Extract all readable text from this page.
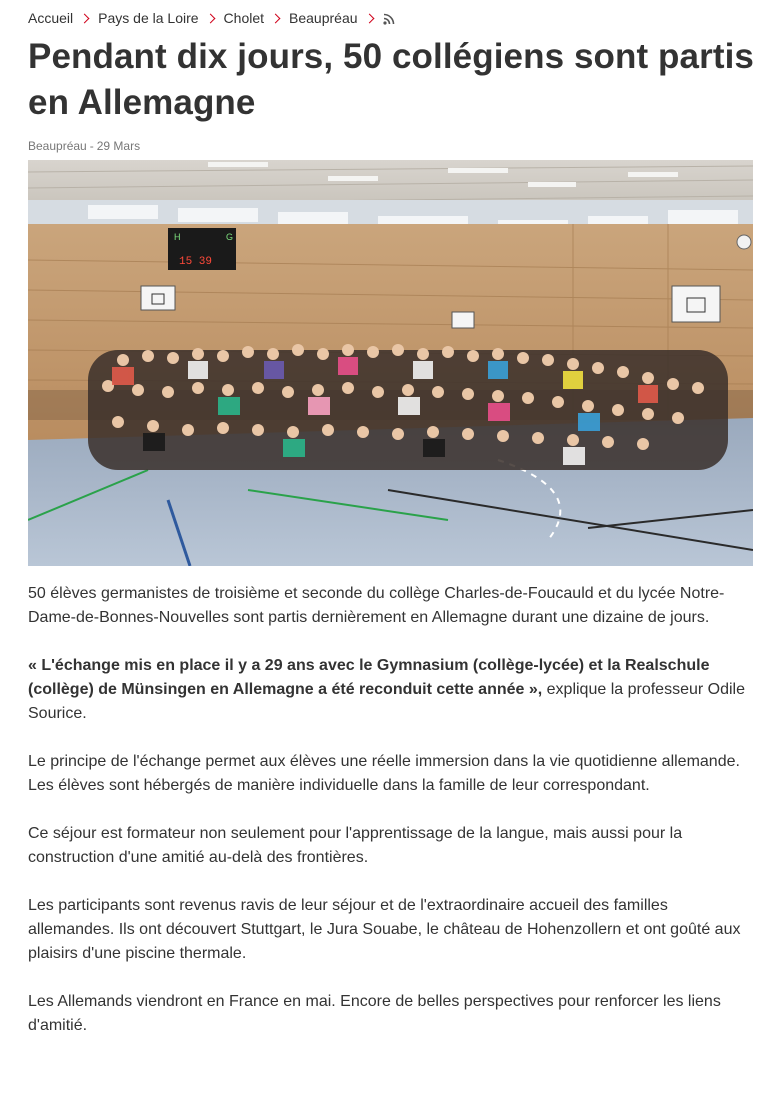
Accueil Pays de la Loire Cholet Beaupréau
Pendant dix jours, 50 collégiens sont partis en Allemagne
Beaupréau - 29 Mars
H	G
15 39

50 élèves germanistes de troisième et seconde du collège Charles-de-Foucauld et du lycée Notre-Dame-de-Bonnes-Nouvelles sont partis dernièrement en Allemagne durant une dizaine de jours.

« L'échange mis en place il y a 29 ans avec le Gymnasium (collège-lycée) et la Realschule (collège) de Münsingen en Allemagne a été reconduit cette année », explique la professeur Odile Sourice.

Le principe de l'échange permet aux élèves une réelle immersion dans la vie quotidienne allemande. Les élèves sont hébergés de manière individuelle dans la famille de leur correspondant.

Ce séjour est formateur non seulement pour l'apprentissage de la langue, mais aussi pour la construction d'une amitié au-delà des frontières.

Les participants sont revenus ravis de leur séjour et de l'extraordinaire accueil des familles allemandes. Ils ont découvert Stuttgart, le Jura Souabe, le château de Hohenzollern et ont goûté aux plaisirs d'une piscine thermale.

Les Allemands viendront en France en mai. Encore de belles perspectives pour renforcer les liens d'amitié.
